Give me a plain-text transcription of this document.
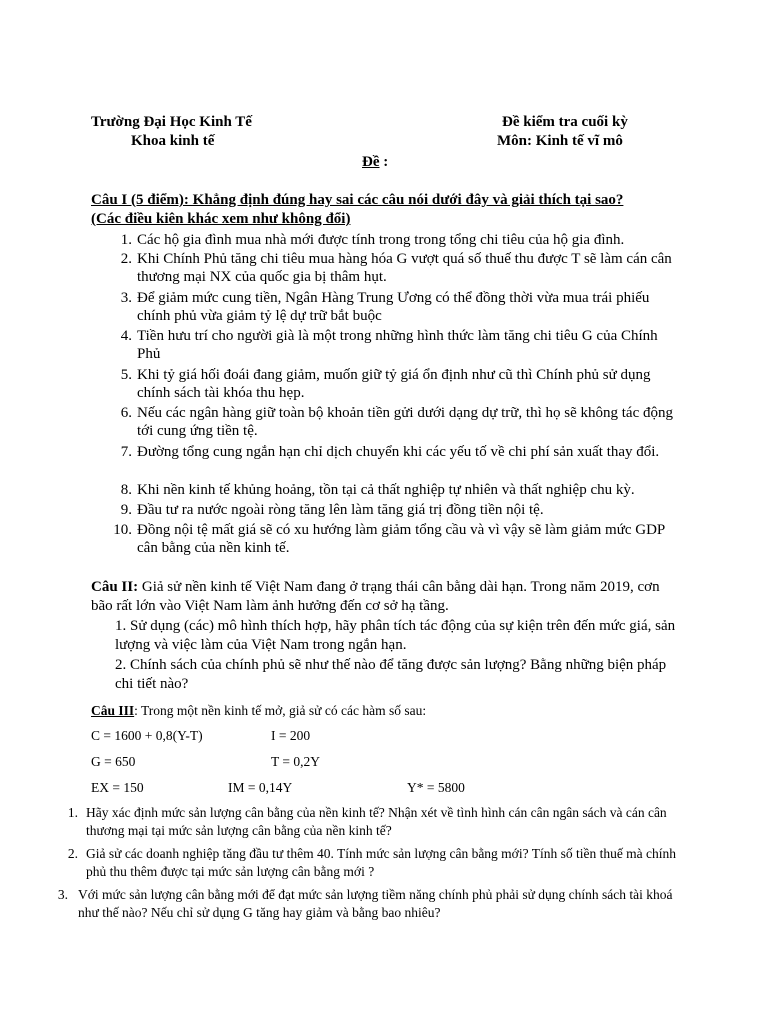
Trường Đại Học Kinh Tế
Khoa kinh tế
Đề kiểm tra cuối kỳ
Môn: Kinh tế vĩ mô
Đề :
Câu I (5 điểm): Khẳng định đúng hay sai các câu nói dưới đây và giải thích tại sao?
(Các điều kiên khác xem như không đổi)
1. Các hộ gia đình mua nhà mới được tính trong trong tổng chi tiêu của hộ gia đình.
2. Khi Chính Phủ tăng chi tiêu mua hàng hóa G vượt quá số thuế thu được T sẽ làm cán cân thương mại NX của quốc gia bị thâm hụt.
3. Để giảm mức cung tiền, Ngân Hàng Trung Ương có thể đồng thời vừa mua trái phiếu chính phủ vừa giảm tỷ lệ dự trữ bắt buộc
4. Tiền hưu trí cho người già là một trong những hình thức làm tăng chi tiêu G của Chính Phủ
5. Khi tỷ giá hối đoái đang giảm, muốn giữ tỷ giá ổn định như cũ thì Chính phủ sử dụng chính sách tài khóa thu hẹp.
6. Nếu các ngân hàng giữ toàn bộ khoản tiền gửi dưới dạng dự trữ, thì họ sẽ không tác động tới cung ứng tiền tệ.
7. Đường tổng cung ngắn hạn chỉ dịch chuyển khi các yếu tố về chi phí sản xuất thay đổi.
8. Khi nền kinh tế khủng hoảng, tồn tại cả thất nghiệp tự nhiên và thất nghiệp chu kỳ.
9. Đầu tư ra nước ngoài ròng tăng lên làm tăng giá trị đồng tiền nội tệ.
10. Đồng nội tệ mất giá sẽ có xu hướng làm giảm tổng cầu và vì vậy sẽ làm giảm mức GDP cân bằng của nền kinh tế.
Câu II: Giả sử nền kinh tế Việt Nam đang ở trạng thái cân bằng dài hạn. Trong năm 2019, cơn bão rất lớn vào Việt Nam làm ảnh hưởng đến cơ sở hạ tầng.
1. Sử dụng (các) mô hình thích hợp, hãy phân tích tác động của sự kiện trên đến mức giá, sản lượng và việc làm của Việt Nam trong ngắn hạn.
2. Chính sách của chính phủ sẽ như thế nào để tăng được sản lượng? Bằng những biện pháp chi tiết nào?
Câu III: Trong một nền kinh tế mở, giả sử có các hàm số sau:
C = 1600 + 0,8(Y-T)	I = 200
G = 650	T = 0,2Y
EX = 150	IM = 0,14Y	Y* = 5800
1. Hãy xác định mức sản lượng cân bằng của nền kinh tế? Nhận xét về tình hình cán cân ngân sách và cán cân thương mại tại mức sản lượng cân bằng của nền kinh tế?
2. Giả sử các doanh nghiệp tăng đầu tư thêm 40. Tính mức sản lượng cân bằng mới? Tính số tiền thuế mà chính phủ thu thêm được tại mức sản lượng cân bằng mới ?
3. Với mức sản lượng cân bằng mới để đạt mức sản lượng tiềm năng chính phủ phải sử dụng chính sách tài khoá như thế nào? Nếu chỉ sử dụng G tăng hay giảm và bằng bao nhiêu?
